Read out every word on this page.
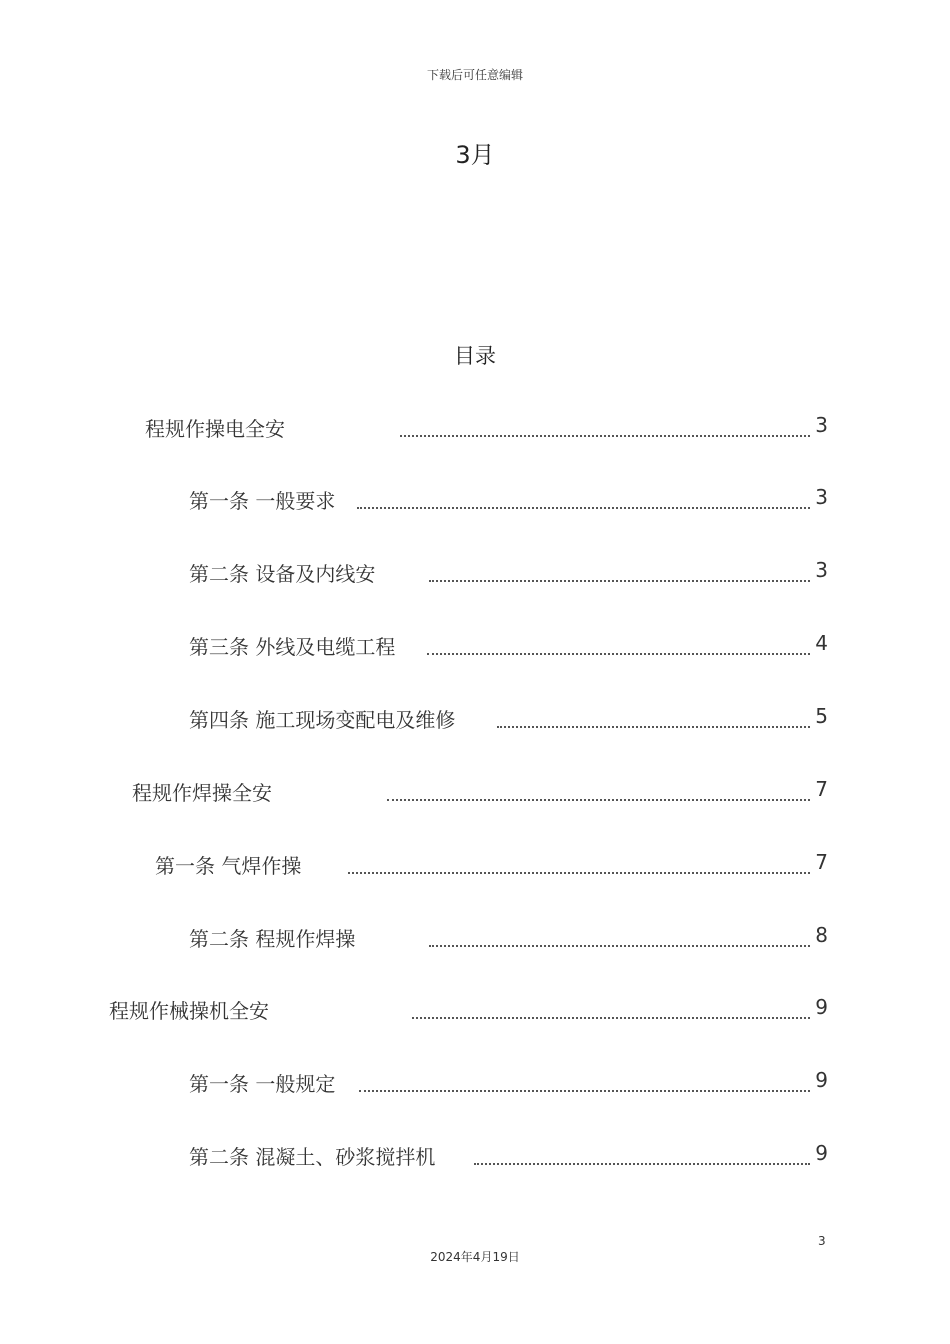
下载后可任意编辑
3月
目录
程规作操电全安	3
第一条 一般要求	3
第二条 设备及内线安	3
第三条 外线及电缆工程	4
第四条 施工现场变配电及维修	5
程规作焊操全安	7
第一条 气焊作操	7
第二条 程规作焊操	8
程规作械操机全安	9
第一条 一般规定	9
第二条 混凝土、砂浆搅拌机	9
3
2024年4月19日
